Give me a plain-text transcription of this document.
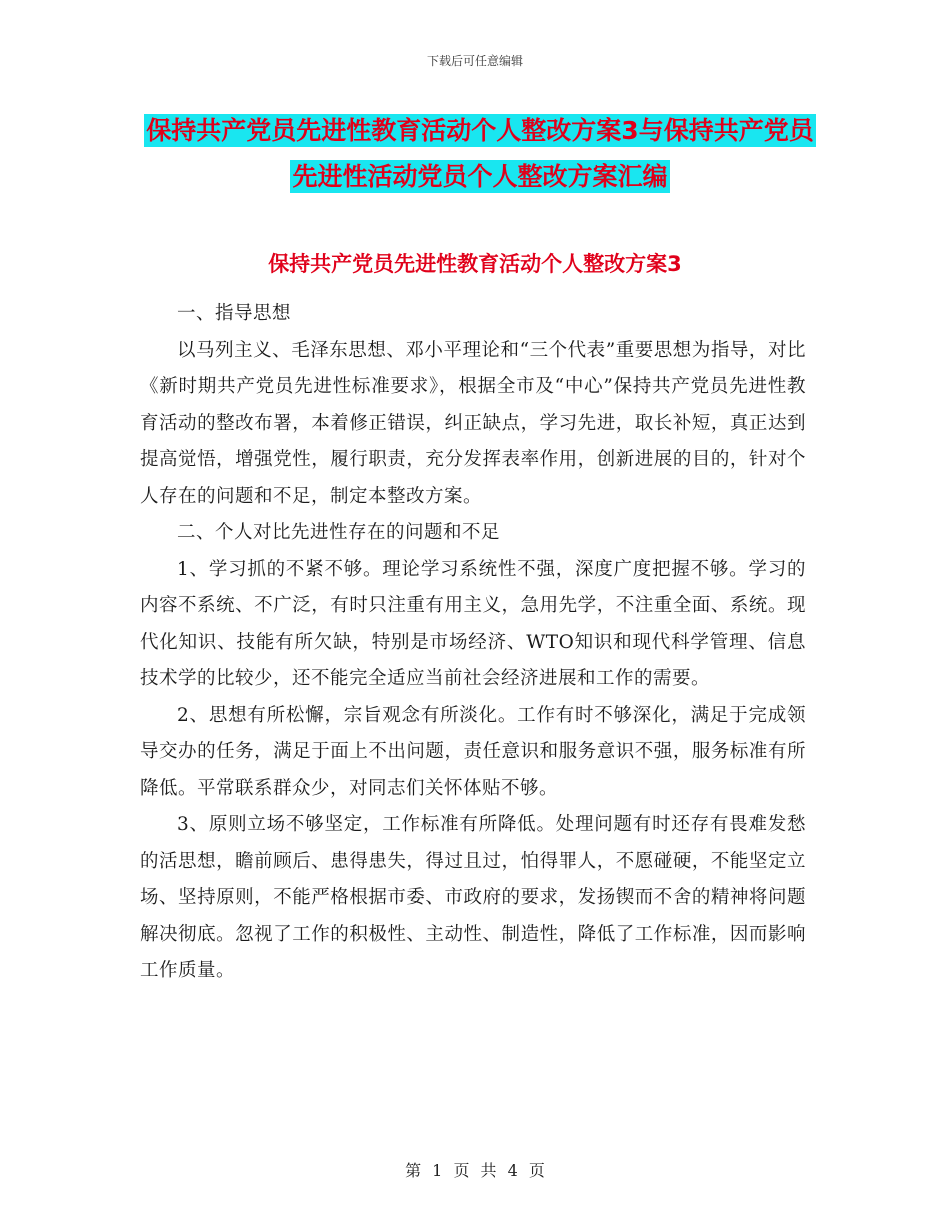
下载后可任意编辑
保持共产党员先进性教育活动个人整改方案3与保持共产党员先进性活动党员个人整改方案汇编
保持共产党员先进性教育活动个人整改方案3

一、指导思想

以马列主义、毛泽东思想、邓小平理论和“三个代表”重要思想为指导，对比《新时期共产党员先进性标准要求》，根据全市及“中心”保持共产党员先进性教育活动的整改布署，本着修正错误，纠正缺点，学习先进，取长补短，真正达到提高觉悟，增强党性，履行职责，充分发挥表率作用，创新进展的目的，针对个人存在的问题和不足，制定本整改方案。

二、个人对比先进性存在的问题和不足

1、学习抓的不紧不够。理论学习系统性不强，深度广度把握不够。学习的内容不系统、不广泛，有时只注重有用主义，急用先学，不注重全面、系统。现代化知识、技能有所欠缺，特别是市场经济、WTO知识和现代科学管理、信息技术学的比较少，还不能完全适应当前社会经济进展和工作的需要。

2、思想有所松懈，宗旨观念有所淡化。工作有时不够深化，满足于完成领导交办的任务，满足于面上不出问题，责任意识和服务意识不强，服务标准有所降低。平常联系群众少，对同志们关怀体贴不够。

3、原则立场不够坚定，工作标准有所降低。处理问题有时还存有畏难发愁的活思想，瞻前顾后、患得患失，得过且过，怕得罪人，不愿碰硬，不能坚定立场、坚持原则，不能严格根据市委、市政府的要求，发扬锲而不舍的精神将问题解决彻底。忽视了工作的积极性、主动性、制造性，降低了工作标准，因而影响工作质量。

第 1 页 共 4 页
